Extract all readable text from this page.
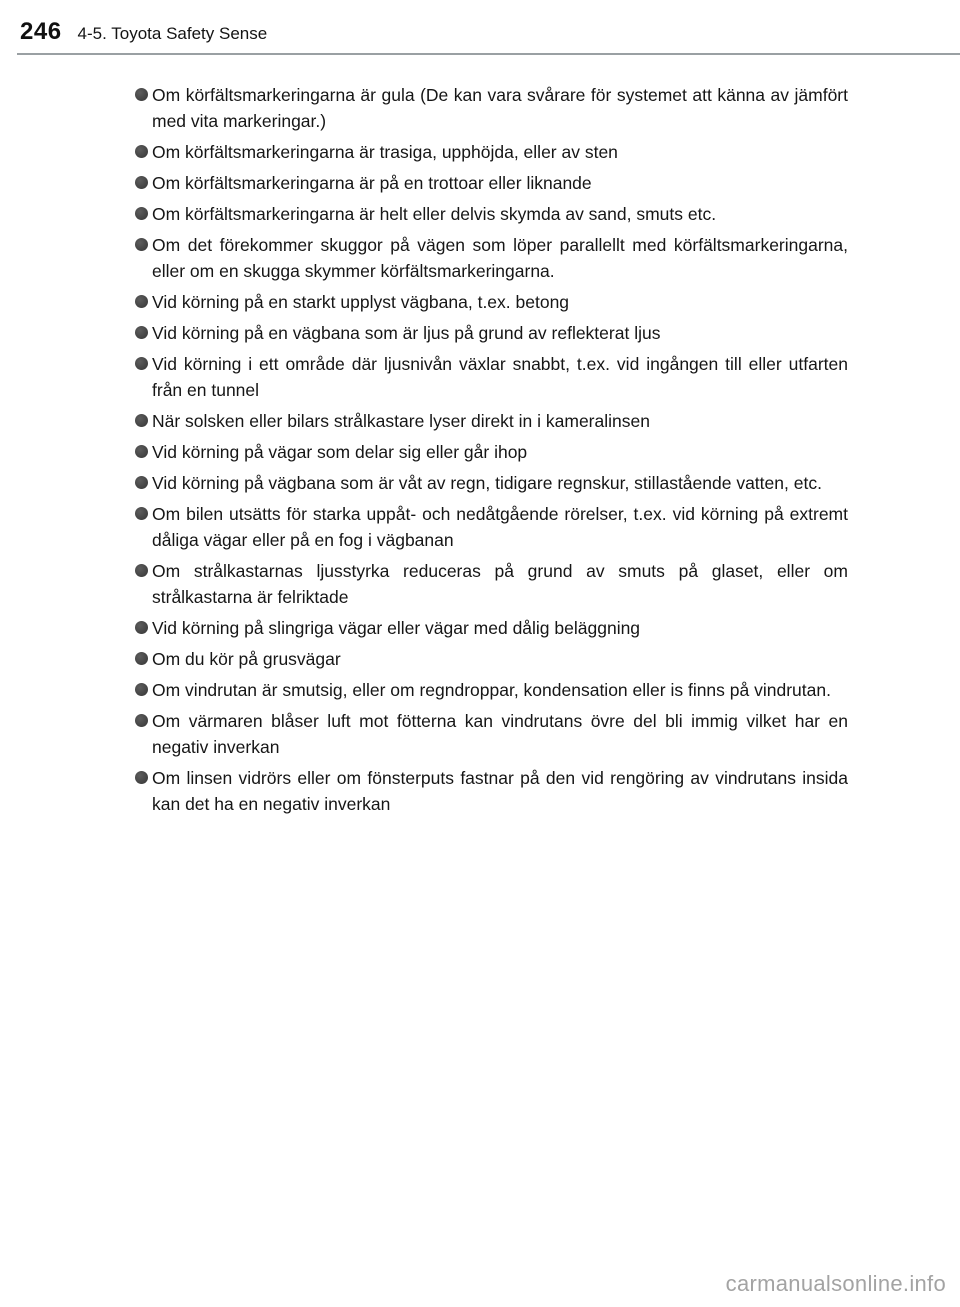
246 4-5. Toyota Safety Sense

Om körfältsmarkeringarna är gula (De kan vara svårare för systemet att känna av jämfört med vita markeringar.)

Om körfältsmarkeringarna är trasiga, upphöjda, eller av sten

Om körfältsmarkeringarna är på en trottoar eller liknande

Om körfältsmarkeringarna är helt eller delvis skymda av sand, smuts etc.

Om det förekommer skuggor på vägen som löper parallellt med körfältsmarkeringarna, eller om en skugga skymmer körfältsmarkeringarna.

Vid körning på en starkt upplyst vägbana, t.ex. betong

Vid körning på en vägbana som är ljus på grund av reflekterat ljus

Vid körning i ett område där ljusnivån växlar snabbt, t.ex. vid ingången till eller utfarten från en tunnel

När solsken eller bilars strålkastare lyser direkt in i kameralinsen

Vid körning på vägar som delar sig eller går ihop

Vid körning på vägbana som är våt av regn, tidigare regnskur, stillastående vatten, etc.

Om bilen utsätts för starka uppåt- och nedåtgående rörelser, t.ex. vid körning på extremt dåliga vägar eller på en fog i vägbanan

Om strålkastarnas ljusstyrka reduceras på grund av smuts på glaset, eller om strålkastarna är felriktade

Vid körning på slingriga vägar eller vägar med dålig beläggning

Om du kör på grusvägar

Om vindrutan är smutsig, eller om regndroppar, kondensation eller is finns på vindrutan.

Om värmaren blåser luft mot fötterna kan vindrutans övre del bli immig vilket har en negativ inverkan

Om linsen vidrörs eller om fönsterputs fastnar på den vid rengöring av vindrutans insida kan det ha en negativ inverkan

carmanualsonline.info
